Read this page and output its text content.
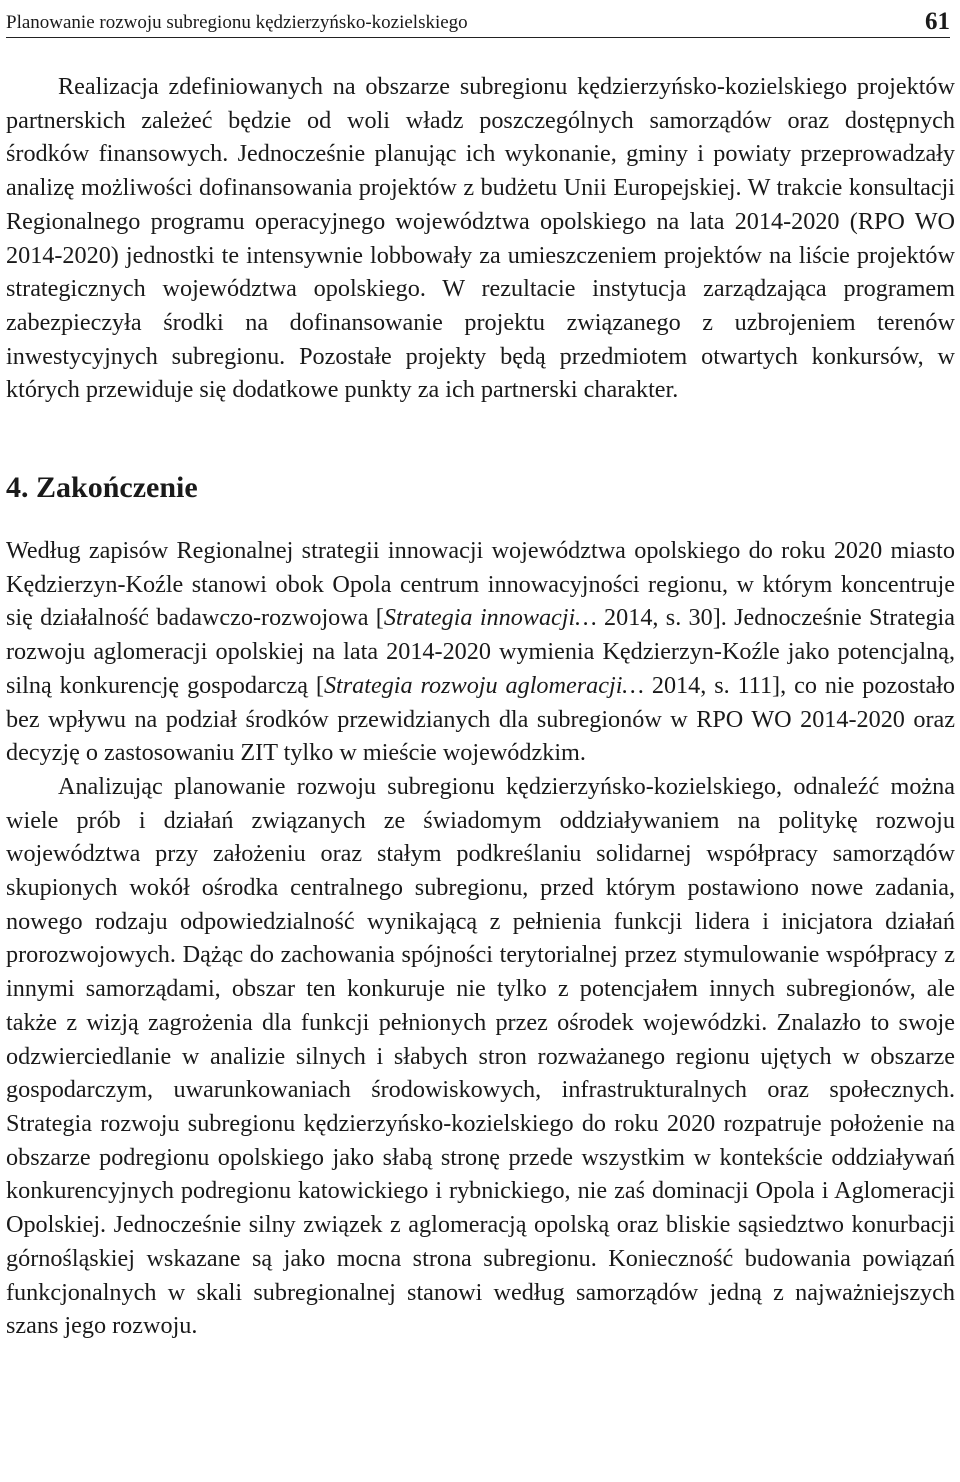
Planowanie rozwoju subregionu kędzierzyńsko-kozielskiego	61

Realizacja zdefiniowanych na obszarze subregionu kędzierzyńsko-kozielskiego projektów partnerskich zależeć będzie od woli władz poszczególnych samorządów oraz dostępnych środków finansowych. Jednocześnie planując ich wykonanie, gminy i powiaty przeprowadzały analizę możliwości dofinansowania projektów z budżetu Unii Europejskiej. W trakcie konsultacji Regionalnego programu operacyjnego województwa opolskiego na lata 2014-2020 (RPO WO 2014-2020) jednostki te intensywnie lobbowały za umieszczeniem projektów na liście projektów strategicznych województwa opolskiego. W rezultacie instytucja zarządzająca programem zabezpieczyła środki na dofinansowanie projektu związanego z uzbrojeniem terenów inwestycyjnych subregionu. Pozostałe projekty będą przedmiotem otwartych konkursów, w których przewiduje się dodatkowe punkty za ich partnerski charakter.

4. Zakończenie

Według zapisów Regionalnej strategii innowacji województwa opolskiego do roku 2020 miasto Kędzierzyn-Koźle stanowi obok Opola centrum innowacyjności regionu, w którym koncentruje się działalność badawczo-rozwojowa [Strategia innowacji… 2014, s. 30]. Jednocześnie Strategia rozwoju aglomeracji opolskiej na lata 2014-2020 wymienia Kędzierzyn-Koźle jako potencjalną, silną konkurencję gospodarczą [Strategia rozwoju aglomeracji… 2014, s. 111], co nie pozostało bez wpływu na podział środków przewidzianych dla subregionów w RPO WO 2014-2020 oraz decyzję o zastosowaniu ZIT tylko w mieście wojewódzkim.

Analizując planowanie rozwoju subregionu kędzierzyńsko-kozielskiego, odnaleźć można wiele prób i działań związanych ze świadomym oddziaływaniem na politykę rozwoju województwa przy założeniu oraz stałym podkreślaniu solidarnej współpracy samorządów skupionych wokół ośrodka centralnego subregionu, przed którym postawiono nowe zadania, nowego rodzaju odpowiedzialność wynikającą z pełnienia funkcji lidera i inicjatora działań prorozwojowych. Dążąc do zachowania spójności terytorialnej przez stymulowanie współpracy z innymi samorządami, obszar ten konkuruje nie tylko z potencjałem innych subregionów, ale także z wizją zagrożenia dla funkcji pełnionych przez ośrodek wojewódzki. Znalazło to swoje odzwierciedlanie w analizie silnych i słabych stron rozważanego regionu ujętych w obszarze gospodarczym, uwarunkowaniach środowiskowych, infrastrukturalnych oraz społecznych. Strategia rozwoju subregionu kędzierzyńsko-kozielskiego do roku 2020 rozpatruje położenie na obszarze podregionu opolskiego jako słabą stronę przede wszystkim w kontekście oddziaływań konkurencyjnych podregionu katowickiego i rybnickiego, nie zaś dominacji Opola i Aglomeracji Opolskiej. Jednocześnie silny związek z aglomeracją opolską oraz bliskie sąsiedztwo konurbacji górnośląskiej wskazane są jako mocna strona subregionu. Konieczność budowania powiązań funkcjonalnych w skali subregionalnej stanowi według samorządów jedną z najważniejszych szans jego rozwoju.
